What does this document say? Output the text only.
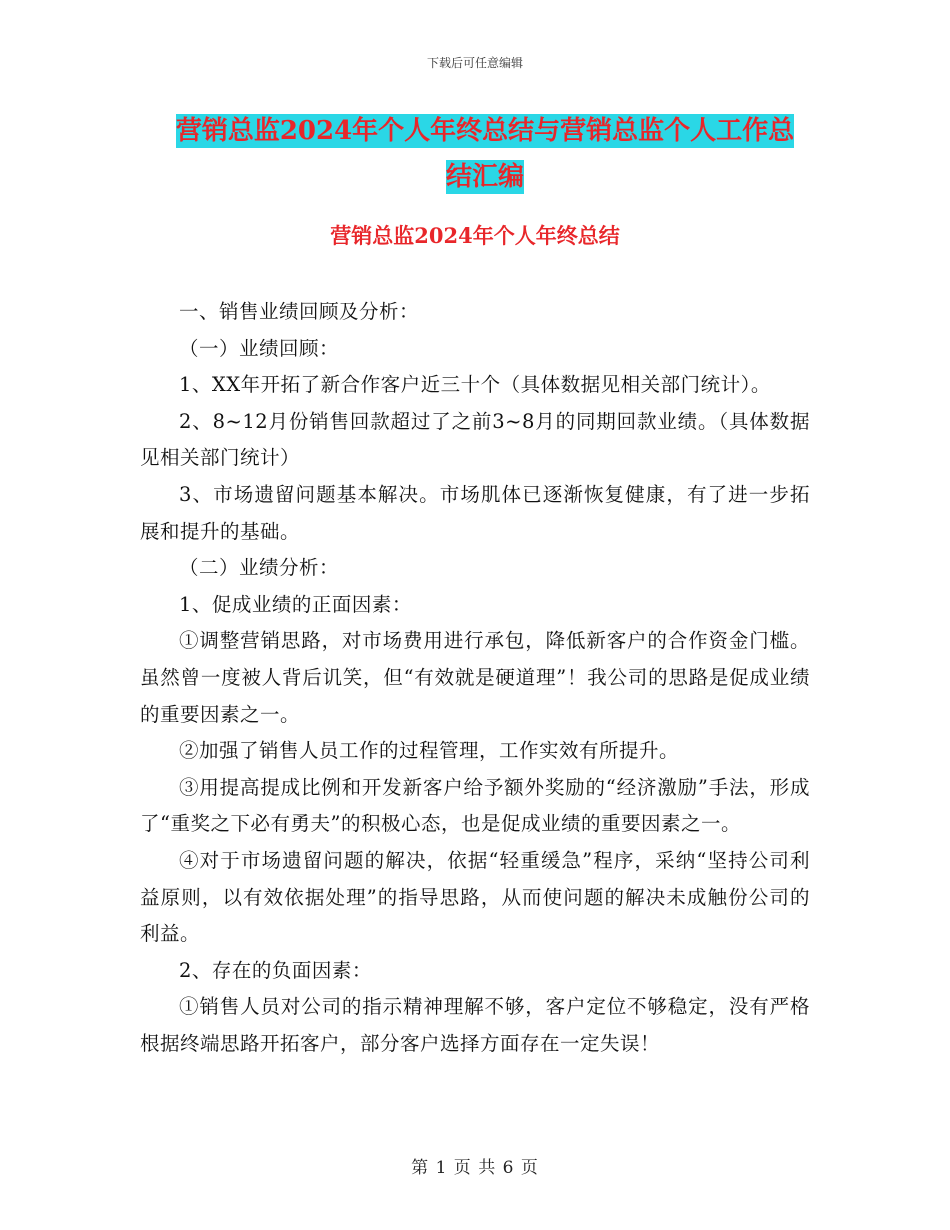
下载后可任意编辑
营销总监2024年个人年终总结与营销总监个人工作总
结汇编
营销总监2024年个人年终总结

一、销售业绩回顾及分析：

（一）业绩回顾：

1、XX年开拓了新合作客户近三十个（具体数据见相关部门统计）。

2、8~12月份销售回款超过了之前3~8月的同期回款业绩。（具体数据见相关部门统计）

3、市场遗留问题基本解决。市场肌体已逐渐恢复健康，有了进一步拓展和提升的基础。

（二）业绩分析：

1、促成业绩的正面因素：

①调整营销思路，对市场费用进行承包，降低新客户的合作资金门槛。虽然曾一度被人背后讥笑，但“有效就是硬道理”！我公司的思路是促成业绩的重要因素之一。

②加强了销售人员工作的过程管理，工作实效有所提升。

③用提高提成比例和开发新客户给予额外奖励的“经济激励”手法，形成了“重奖之下必有勇夫”的积极心态，也是促成业绩的重要因素之一。

④对于市场遗留问题的解决，依据“轻重缓急”程序，采纳“坚持公司利益原则，以有效依据处理”的指导思路，从而使问题的解决未成触份公司的利益。

2、存在的负面因素：

①销售人员对公司的指示精神理解不够，客户定位不够稳定，没有严格根据终端思路开拓客户，部分客户选择方面存在一定失误！

第 1 页 共 6 页
